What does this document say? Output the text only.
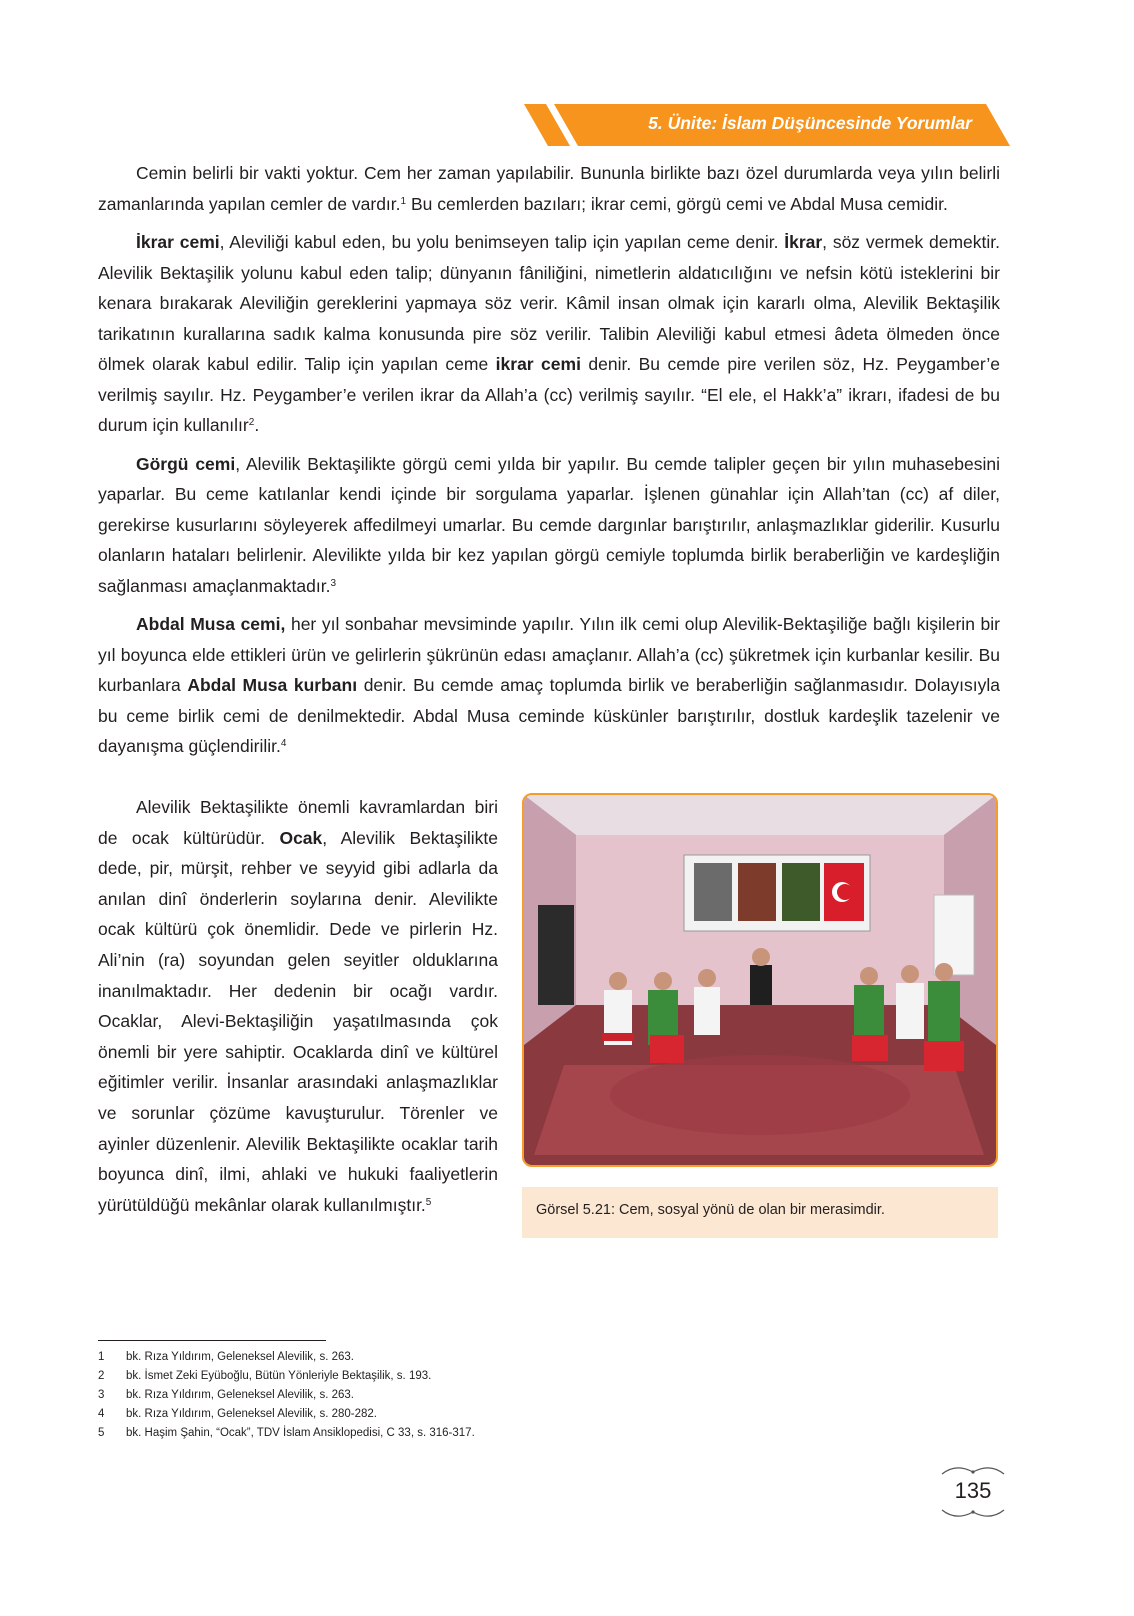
5. Ünite: İslam Düşüncesinde Yorumlar

Cemin belirli bir vakti yoktur. Cem her zaman yapılabilir. Bununla birlikte bazı özel durumlarda veya yılın belirli zamanlarında yapılan cemler de vardır.$^1$ Bu cemlerden bazıları; ikrar cemi, görgü cemi ve Abdal Musa cemidir.

İkrar cemi, Aleviliği kabul eden, bu yolu benimseyen talip için yapılan ceme denir. İkrar, söz vermek demektir. Alevilik Bektaşilik yolunu kabul eden talip; dünyanın fâniliğini, nimetlerin aldatıcılığını ve nefsin kötü isteklerini bir kenara bırakarak Aleviliğin gereklerini yapmaya söz verir. Kâmil insan olmak için kararlı olma, Alevilik Bektaşilik tarikatının kurallarına sadık kalma konusunda pire söz verilir. Talibin Aleviliği kabul etmesi âdeta ölmeden önce ölmek olarak kabul edilir. Talip için yapılan ceme ikrar cemi denir. Bu cemde pire verilen söz, Hz. Peygamber’e verilmiş sayılır. Hz. Peygamber’e verilen ikrar da Allah’a (cc) verilmiş sayılır. “El ele, el Hakk’a” ikrarı, ifadesi de bu durum için kullanılır$^2$.

Görgü cemi, Alevilik Bektaşilikte görgü cemi yılda bir yapılır. Bu cemde talipler geçen bir yılın muhasebesini yaparlar. Bu ceme katılanlar kendi içinde bir sorgulama yaparlar. İşlenen günahlar için Allah’tan (cc) af diler, gerekirse kusurlarını söyleyerek affedilmeyi umarlar. Bu cemde dargınlar barıştırılır, anlaşmazlıklar giderilir. Kusurlu olanların hataları belirlenir. Alevilikte yılda bir kez yapılan görgü cemiyle toplumda birlik beraberliğin ve kardeşliğin sağlanması amaçlanmaktadır.$^3$

Abdal Musa cemi, her yıl sonbahar mevsiminde yapılır. Yılın ilk cemi olup Alevilik-Bektaşiliğe bağlı kişilerin bir yıl boyunca elde ettikleri ürün ve gelirlerin şükrünün edası amaçlanır. Allah’a (cc) şükretmek için kurbanlar kesilir. Bu kurbanlara Abdal Musa kurbanı denir. Bu cemde amaç toplumda birlik ve beraberliğin sağlanmasıdır. Dolayısıyla bu ceme birlik cemi de denilmektedir. Abdal Musa ceminde küskünler barıştırılır, dostluk kardeşlik tazelenir ve dayanışma güçlendirilir.$^4$

Alevilik Bektaşilikte önemli kavramlardan biri de ocak kültürüdür. Ocak, Alevilik Bektaşilikte dede, pir, mürşit, rehber ve seyyid gibi adlarla da anılan dinî önderlerin soylarına denir. Alevilikte ocak kültürü çok önemlidir. Dede ve pirlerin Hz. Ali’nin (ra) soyundan gelen seyitler olduklarına inanılmaktadır. Her dedenin bir ocağı vardır. Ocaklar, Alevi-Bektaşiliğin yaşatılmasında çok önemli bir yere sahiptir. Ocaklarda dinî ve kültürel eğitimler verilir. İnsanlar arasındaki anlaşmazlıklar ve sorunlar çözüme kavuşturulur. Törenler ve ayinler düzenlenir. Alevilik Bektaşilikte ocaklar tarih boyunca dinî, ilmi, ahlaki ve hukuki faaliyetlerin yürütüldüğü mekânlar olarak kullanılmıştır.$^5$	Görsel 5.21: Cem, sosyal yönü de olan bir merasimdir.
1	bk. Rıza Yıldırım, Geleneksel Alevilik, s. 263.
2	bk. İsmet Zeki Eyüboğlu, Bütün Yönleriyle Bektaşilik, s. 193.
3	bk. Rıza Yıldırım, Geleneksel Alevilik, s. 263.
4	bk. Rıza Yıldırım, Geleneksel Alevilik, s. 280-282.
5	bk. Haşim Şahin, “Ocak”, TDV İslam Ansiklopedisi, C 33, s. 316-317.
135
